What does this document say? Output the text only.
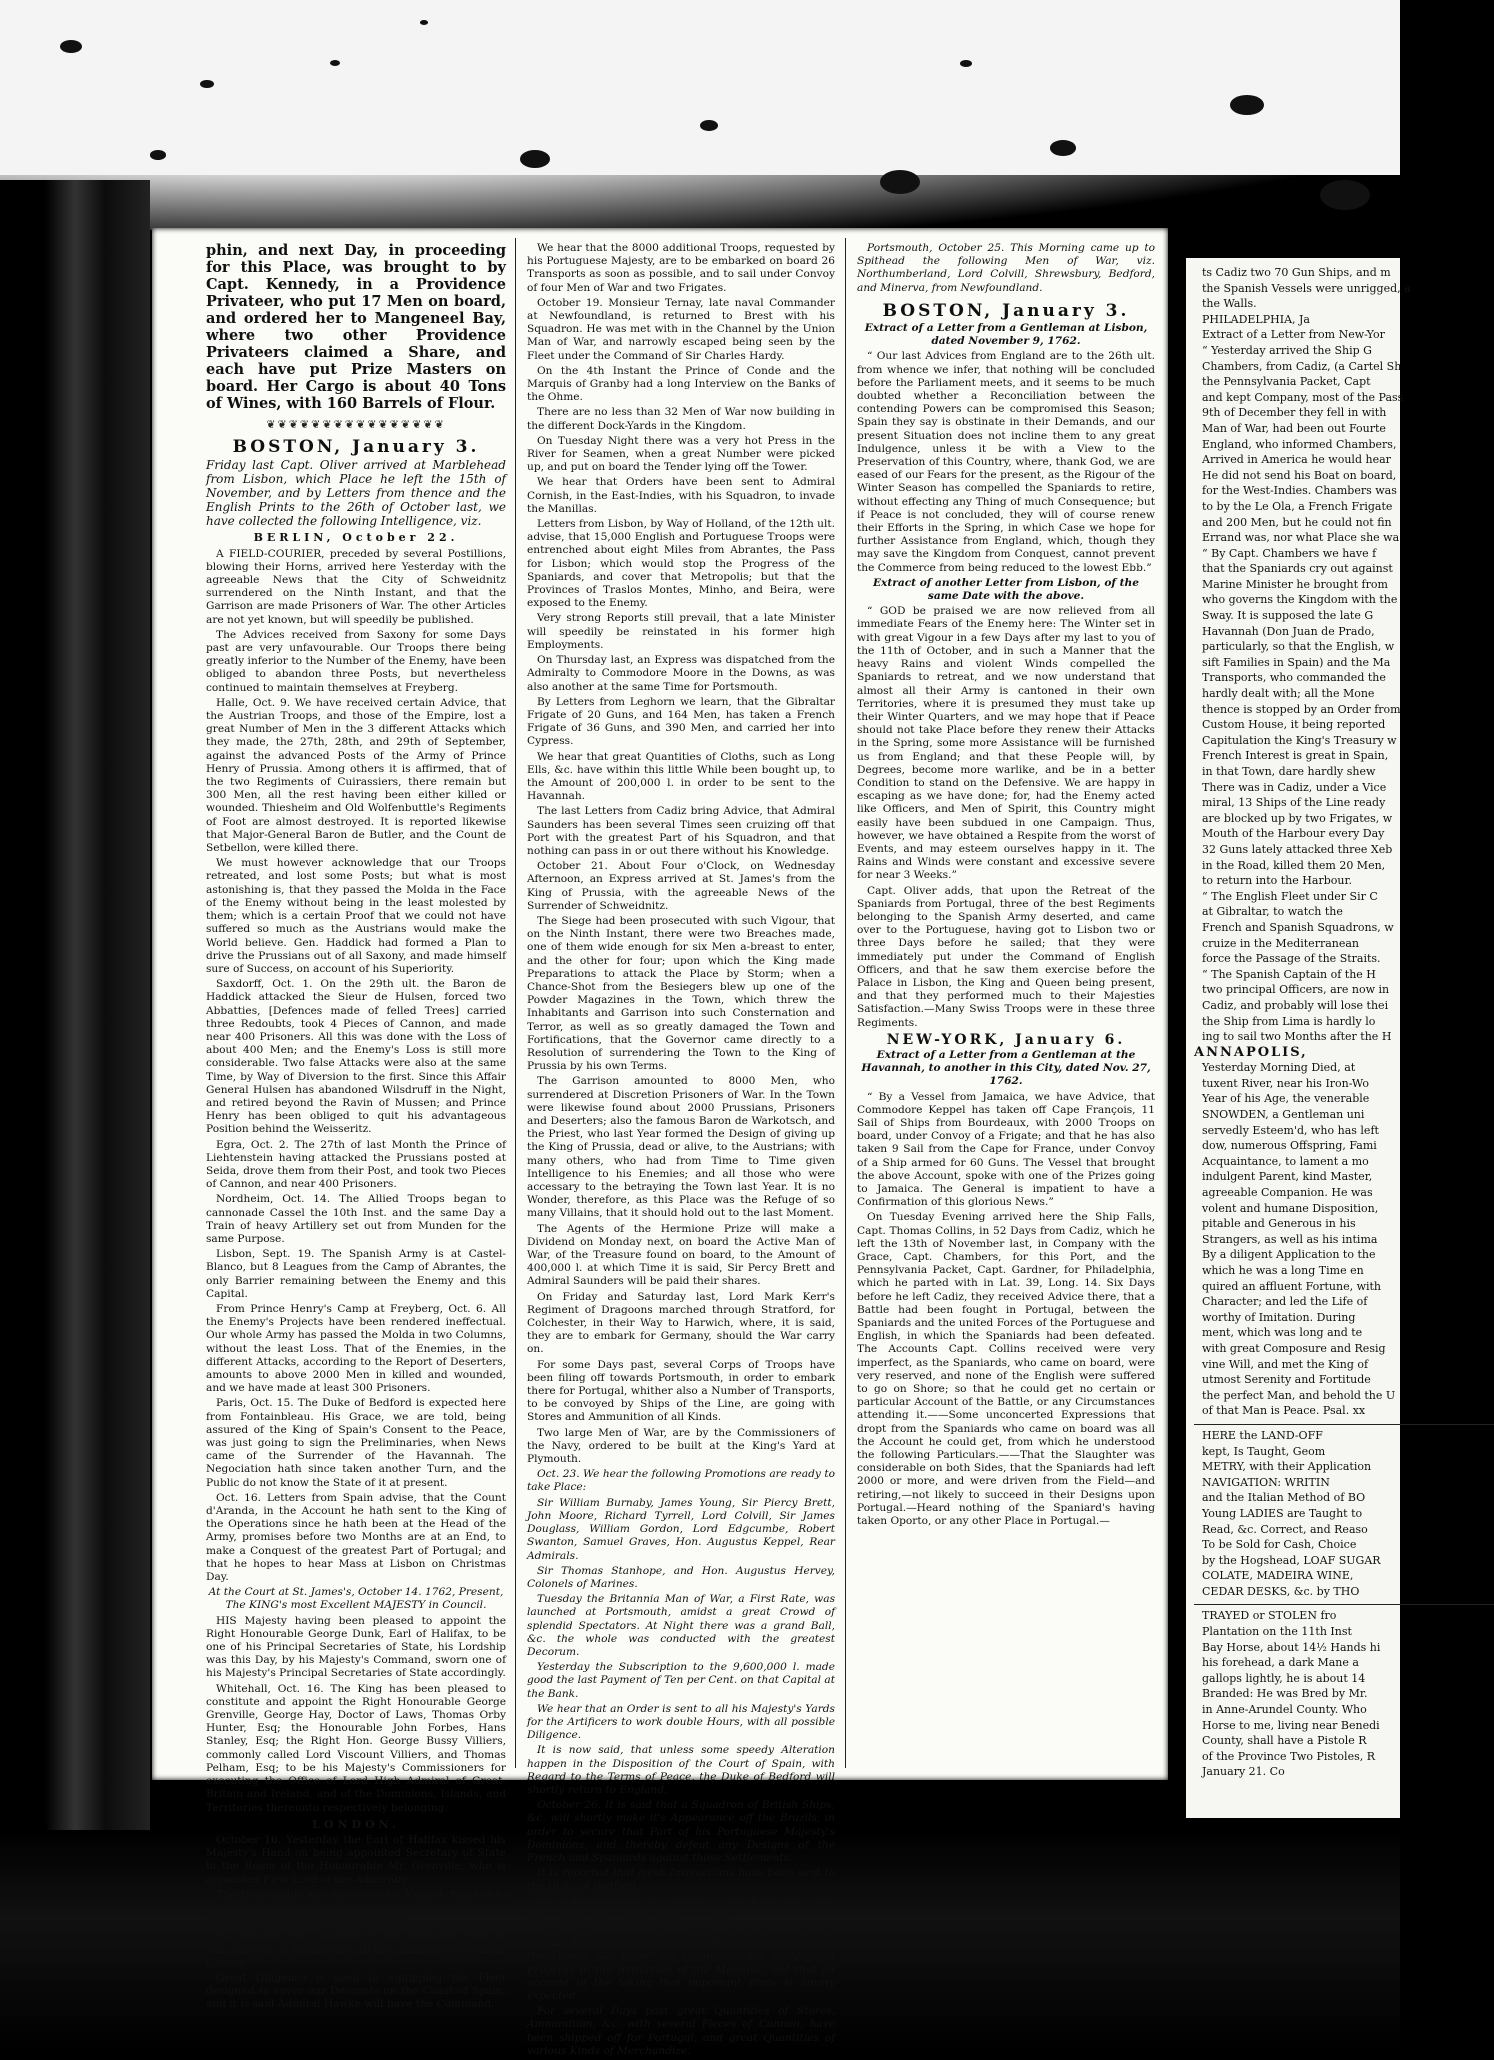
phin, and next Day, in proceeding for this Place, was brought to by Capt. Kennedy, in a Providence Privateer, who put 17 Men on board, and ordered her to Mangeneel Bay, where two other Providence Privateers claimed a Share, and each have put Prize Masters on board. Her Cargo is about 40 Tons of Wines, with 160 Barrels of Flour.

❦❦❦❦❦❦❦❦❦❦❦❦❦❦❦❦
BOSTON, January 3.

Friday last Capt. Oliver arrived at Marblehead from Lisbon, which Place he left the 15th of November, and by Letters from thence and the English Prints to the 26th of October last, we have collected the following Intelligence, viz.

BERLIN, October 22.

A FIELD-COURIER, preceded by several Postillions, blowing their Horns, arrived here Yesterday with the agreeable News that the City of Schweidnitz surrendered on the Ninth Instant, and that the Garrison are made Prisoners of War. The other Articles are not yet known, but will speedily be published.

The Advices received from Saxony for some Days past are very unfavourable. Our Troops there being greatly inferior to the Number of the Enemy, have been obliged to abandon three Posts, but nevertheless continued to maintain themselves at Freyberg.

Halle, Oct. 9. We have received certain Advice, that the Austrian Troops, and those of the Empire, lost a great Number of Men in the 3 different Attacks which they made, the 27th, 28th, and 29th of September, against the advanced Posts of the Army of Prince Henry of Prussia. Among others it is affirmed, that of the two Regiments of Cuirassiers, there remain but 300 Men, all the rest having been either killed or wounded. Thiesheim and Old Wolfenbuttle's Regiments of Foot are almost destroyed. It is reported likewise that Major-General Baron de Butler, and the Count de Setbellon, were killed there.

We must however acknowledge that our Troops retreated, and lost some Posts; but what is most astonishing is, that they passed the Molda in the Face of the Enemy without being in the least molested by them; which is a certain Proof that we could not have suffered so much as the Austrians would make the World believe. Gen. Haddick had formed a Plan to drive the Prussians out of all Saxony, and made himself sure of Success, on account of his Superiority.

Saxdorff, Oct. 1. On the 29th ult. the Baron de Haddick attacked the Sieur de Hulsen, forced two Abbatties, [Defences made of felled Trees] carried three Redoubts, took 4 Pieces of Cannon, and made near 400 Prisoners. All this was done with the Loss of about 400 Men; and the Enemy's Loss is still more considerable. Two false Attacks were also at the same Time, by Way of Diversion to the first. Since this Affair General Hulsen has abandoned Wilsdruff in the Night, and retired beyond the Ravin of Mussen; and Prince Henry has been obliged to quit his advantageous Position behind the Weisseritz.

Egra, Oct. 2. The 27th of last Month the Prince of Liehtenstein having attacked the Prussians posted at Seida, drove them from their Post, and took two Pieces of Cannon, and near 400 Prisoners.

Nordheim, Oct. 14. The Allied Troops began to cannonade Cassel the 10th Inst. and the same Day a Train of heavy Artillery set out from Munden for the same Purpose.

Lisbon, Sept. 19. The Spanish Army is at Castel-Blanco, but 8 Leagues from the Camp of Abrantes, the only Barrier remaining between the Enemy and this Capital.

From Prince Henry's Camp at Freyberg, Oct. 6. All the Enemy's Projects have been rendered ineffectual. Our whole Army has passed the Molda in two Columns, without the least Loss. That of the Enemies, in the different Attacks, according to the Report of Deserters, amounts to above 2000 Men in killed and wounded, and we have made at least 300 Prisoners.

Paris, Oct. 15. The Duke of Bedford is expected here from Fontainbleau. His Grace, we are told, being assured of the King of Spain's Consent to the Peace, was just going to sign the Preliminaries, when News came of the Surrender of the Havannah. The Negociation hath since taken another Turn, and the Public do not know the State of it at present.

Oct. 16. Letters from Spain advise, that the Count d'Aranda, in the Account he hath sent to the King of the Operations since he hath been at the Head of the Army, promises before two Months are at an End, to make a Conquest of the greatest Part of Portugal; and that he hopes to hear Mass at Lisbon on Christmas Day.

At the Court at St. James's, October 14. 1762, Present, The KING's most Excellent MAJESTY in Council.

HIS Majesty having been pleased to appoint the Right Honourable George Dunk, Earl of Halifax, to be one of his Principal Secretaries of State, his Lordship was this Day, by his Majesty's Command, sworn one of his Majesty's Principal Secretaries of State accordingly.

Whitehall, Oct. 16. The King has been pleased to constitute and appoint the Right Honourable George Grenville, George Hay, Doctor of Laws, Thomas Orby Hunter, Esq; the Honourable John Forbes, Hans Stanley, Esq; the Right Hon. George Bussy Villiers, commonly called Lord Viscount Villiers, and Thomas Pelham, Esq; to be his Majesty's Commissioners for executing the Office of Lord High Admiral of Great-Britain and Ireland, and of the Dominions, Islands, and Territories thereunto respectively belonging.

LONDON.

October 16. Yesterday the Earl of Halifax kissed his Majesty's Hand on being appointed Secretary of State in the Room of the Honourable Mr. Grenville, who is appointed First Lord of the Admiralty.

The Honourable and Reverend Dr. Keppel, Brother to the Earl of Albemarle, has kissed the King's Hand on his being appointed Bishop of Exeter.

On Tuesday the Cambridge and Penzance Men of War, arrived at Plymouth with the Jamaica Fleet under Convoy.

Great Diligence is used in equipping the Fleet designed to cover our Descents on the Coast of Spain, and it is said Admiral Hawke will have the Command.

We hear that the 8000 additional Troops, requested by his Portuguese Majesty, are to be embarked on board 26 Transports as soon as possible, and to sail under Convoy of four Men of War and two Frigates.

October 19. Monsieur Ternay, late naval Commander at Newfoundland, is returned to Brest with his Squadron. He was met with in the Channel by the Union Man of War, and narrowly escaped being seen by the Fleet under the Command of Sir Charles Hardy.

On the 4th Instant the Prince of Conde and the Marquis of Granby had a long Interview on the Banks of the Ohme.

There are no less than 32 Men of War now building in the different Dock-Yards in the Kingdom.

On Tuesday Night there was a very hot Press in the River for Seamen, when a great Number were picked up, and put on board the Tender lying off the Tower.

We hear that Orders have been sent to Admiral Cornish, in the East-Indies, with his Squadron, to invade the Manillas.

Letters from Lisbon, by Way of Holland, of the 12th ult. advise, that 15,000 English and Portuguese Troops were entrenched about eight Miles from Abrantes, the Pass for Lisbon; which would stop the Progress of the Spaniards, and cover that Metropolis; but that the Provinces of Traslos Montes, Minho, and Beira, were exposed to the Enemy.

Very strong Reports still prevail, that a late Minister will speedily be reinstated in his former high Employments.

On Thursday last, an Express was dispatched from the Admiralty to Commodore Moore in the Downs, as was also another at the same Time for Portsmouth.

By Letters from Leghorn we learn, that the Gibraltar Frigate of 20 Guns, and 164 Men, has taken a French Frigate of 36 Guns, and 390 Men, and carried her into Cypress.

We hear that great Quantities of Cloths, such as Long Ells, &c. have within this little While been bought up, to the Amount of 200,000 l. in order to be sent to the Havannah.

The last Letters from Cadiz bring Advice, that Admiral Saunders has been several Times seen cruizing off that Port with the greatest Part of his Squadron, and that nothing can pass in or out there without his Knowledge.

October 21. About Four o'Clock, on Wednesday Afternoon, an Express arrived at St. James's from the King of Prussia, with the agreeable News of the Surrender of Schweidnitz.

The Siege had been prosecuted with such Vigour, that on the Ninth Instant, there were two Breaches made, one of them wide enough for six Men a-breast to enter, and the other for four; upon which the King made Preparations to attack the Place by Storm; when a Chance-Shot from the Besiegers blew up one of the Powder Magazines in the Town, which threw the Inhabitants and Garrison into such Consternation and Terror, as well as so greatly damaged the Town and Fortifications, that the Governor came directly to a Resolution of surrendering the Town to the King of Prussia by his own Terms.

The Garrison amounted to 8000 Men, who surrendered at Discretion Prisoners of War. In the Town were likewise found about 2000 Prussians, Prisoners and Deserters; also the famous Baron de Warkotsch, and the Priest, who last Year formed the Design of giving up the King of Prussia, dead or alive, to the Austrians; with many others, who had from Time to Time given Intelligence to his Enemies; and all those who were accessary to the betraying the Town last Year. It is no Wonder, therefore, as this Place was the Refuge of so many Villains, that it should hold out to the last Moment.

The Agents of the Hermione Prize will make a Dividend on Monday next, on board the Active Man of War, of the Treasure found on board, to the Amount of 400,000 l. at which Time it is said, Sir Percy Brett and Admiral Saunders will be paid their shares.

On Friday and Saturday last, Lord Mark Kerr's Regiment of Dragoons marched through Stratford, for Colchester, in their Way to Harwich, where, it is said, they are to embark for Germany, should the War carry on.

For some Days past, several Corps of Troops have been filing off towards Portsmouth, in order to embark there for Portugal, whither also a Number of Transports, to be convoyed by Ships of the Line, are going with Stores and Ammunition of all Kinds.

Two large Men of War, are by the Commissioners of the Navy, ordered to be built at the King's Yard at Plymouth.

Oct. 23. We hear the following Promotions are ready to take Place:

Sir William Burnaby, James Young, Sir Piercy Brett, John Moore, Richard Tyrrell, Lord Colvill, Sir James Douglass, William Gordon, Lord Edgcumbe, Robert Swanton, Samuel Graves, Hon. Augustus Keppel, Rear Admirals.

Sir Thomas Stanhope, and Hon. Augustus Hervey, Colonels of Marines.

Tuesday the Britannia Man of War, a First Rate, was launched at Portsmouth, amidst a great Crowd of splendid Spectators. At Night there was a grand Ball, &c. the whole was conducted with the greatest Decorum.

Yesterday the Subscription to the 9,600,000 l. made good the last Payment of Ten per Cent. on that Capital at the Bank.

We hear that an Order is sent to all his Majesty's Yards for the Artificers to work double Hours, with all possible Diligence.

It is now said, that unless some speedy Alteration happen in the Disposition of the Court of Spain, with Regard to the Terms of Peace, the Duke of Bedford will shortly return to England.

October 26. It is said that a Squadron of British Ships, &c. will shortly make it's Appearance off the Brazils, in order to secure that Part of his Portuguese Majesty's Dominions, and thereby defeat any Designs of the French and Spaniards against those Settlements.

It is reported that fresh Instructions have been sent to the Duke of Bedford.

Great Preparations are making at the Tower for some other Expedition against our Enemies.

Yesterday and this Day it was currently reported, that certain Advice is received here, That Col. Draper, with the Troops, &c. under his Command, has made great Progress in the Reduction of the Manillas, and that on account of the taking that important Place is hourly expected.

For several Days past great Quantities of Stores, Ammunition, &c. with several Pieces of Cannon, have been shipped off for Portugal, and great Quantities of various Kinds of Merchandize.

Portsmouth, October 25. This Morning came up to Spithead the following Men of War, viz. Northumberland, Lord Colvill, Shrewsbury, Bedford, and Minerva, from Newfoundland.

BOSTON, January 3.

Extract of a Letter from a Gentleman at Lisbon, dated November 9, 1762.

“ Our last Advices from England are to the 26th ult. from whence we infer, that nothing will be concluded before the Parliament meets, and it seems to be much doubted whether a Reconciliation between the contending Powers can be compromised this Season; Spain they say is obstinate in their Demands, and our present Situation does not incline them to any great Indulgence, unless it be with a View to the Preservation of this Country, where, thank God, we are eased of our Fears for the present, as the Rigour of the Winter Season has compelled the Spaniards to retire, without effecting any Thing of much Consequence; but if Peace is not concluded, they will of course renew their Efforts in the Spring, in which Case we hope for further Assistance from England, which, though they may save the Kingdom from Conquest, cannot prevent the Commerce from being reduced to the lowest Ebb.”

Extract of another Letter from Lisbon, of the same Date with the above.

“ GOD be praised we are now relieved from all immediate Fears of the Enemy here: The Winter set in with great Vigour in a few Days after my last to you of the 11th of October, and in such a Manner that the heavy Rains and violent Winds compelled the Spaniards to retreat, and we now understand that almost all their Army is cantoned in their own Territories, where it is presumed they must take up their Winter Quarters, and we may hope that if Peace should not take Place before they renew their Attacks in the Spring, some more Assistance will be furnished us from England; and that these People will, by Degrees, become more warlike, and be in a better Condition to stand on the Defensive. We are happy in escaping as we have done; for, had the Enemy acted like Officers, and Men of Spirit, this Country might easily have been subdued in one Campaign. Thus, however, we have obtained a Respite from the worst of Events, and may esteem ourselves happy in it. The Rains and Winds were constant and excessive severe for near 3 Weeks.”

Capt. Oliver adds, that upon the Retreat of the Spaniards from Portugal, three of the best Regiments belonging to the Spanish Army deserted, and came over to the Portuguese, having got to Lisbon two or three Days before he sailed; that they were immediately put under the Command of English Officers, and that he saw them exercise before the Palace in Lisbon, the King and Queen being present, and that they performed much to their Majesties Satisfaction.—Many Swiss Troops were in these three Regiments.

NEW-YORK, January 6.

Extract of a Letter from a Gentleman at the Havannah, to another in this City, dated Nov. 27, 1762.

“ By a Vessel from Jamaica, we have Advice, that Commodore Keppel has taken off Cape François, 11 Sail of Ships from Bourdeaux, with 2000 Troops on board, under Convoy of a Frigate; and that he has also taken 9 Sail from the Cape for France, under Convoy of a Ship armed for 60 Guns. The Vessel that brought the above Account, spoke with one of the Prizes going to Jamaica. The General is impatient to have a Confirmation of this glorious News.”

On Tuesday Evening arrived here the Ship Falls, Capt. Thomas Collins, in 52 Days from Cadiz, which he left the 13th of November last, in Company with the Grace, Capt. Chambers, for this Port, and the Pennsylvania Packet, Capt. Gardner, for Philadelphia, which he parted with in Lat. 39, Long. 14. Six Days before he left Cadiz, they received Advice there, that a Battle had been fought in Portugal, between the Spaniards and the united Forces of the Portuguese and English, in which the Spaniards had been defeated. The Accounts Capt. Collins received were very imperfect, as the Spaniards, who came on board, were very reserved, and none of the English were suffered to go on Shore; so that he could get no certain or particular Account of the Battle, or any Circumstances attending it.——Some unconcerted Expressions that dropt from the Spaniards who came on board was all the Account he could get, from which he understood the following Particulars.——That the Slaughter was considerable on both Sides, that the Spaniards had left 2000 or more, and were driven from the Field—and retiring,—not likely to succeed in their Designs upon Portugal.—Heard nothing of the Spaniard's having taken Oporto, or any other Place in Portugal.—

ts Cadiz two 70 Gun Ships, and m

the Spanish Vessels were unrigged, a

the Walls.

PHILADELPHIA, Ja

Extract of a Letter from New-Yor

“ Yesterday arrived the Ship G

Chambers, from Cadiz, (a Cartel Sh

the Pennsylvania Packet, Capt

and kept Company, most of the Pass

9th of December they fell in with

Man of War, had been out Fourte

England, who informed Chambers,

Arrived in America he would hear

He did not send his Boat on board,

for the West-Indies. Chambers was

to by the Le Ola, a French Frigate

and 200 Men, but he could not fin

Errand was, nor what Place she wa

“ By Capt. Chambers we have f

that the Spaniards cry out against

Marine Minister he brought from

who governs the Kingdom with the

Sway. It is supposed the late G

Havannah (Don Juan de Prado,

particularly, so that the English, w

sift Families in Spain) and the Ma

Transports, who commanded the

hardly dealt with; all the Mone

thence is stopped by an Order from

Custom House, it being reported

Capitulation the King's Treasury w

French Interest is great in Spain,

in that Town, dare hardly shew

There was in Cadiz, under a Vice

miral, 13 Ships of the Line ready

are blocked up by two Frigates, w

Mouth of the Harbour every Day

32 Guns lately attacked three Xeb

in the Road, killed them 20 Men,

to return into the Harbour.

“ The English Fleet under Sir C

at Gibraltar, to watch the

French and Spanish Squadrons, w

cruize in the Mediterranean

force the Passage of the Straits.

“ The Spanish Captain of the H

two principal Officers, are now in

Cadiz, and probably will lose thei

the Ship from Lima is hardly lo

ing to sail two Months after the H

ANNAPOLIS,

Yesterday Morning Died, at

tuxent River, near his Iron-Wo

Year of his Age, the venerable

SNOWDEN, a Gentleman uni

servedly Esteem'd, who has left

dow, numerous Offspring, Fami

Acquaintance, to lament a mo

indulgent Parent, kind Master,

agreeable Companion. He was

volent and humane Disposition,

pitable and Generous in his

Strangers, as well as his intima

By a diligent Application to the

which he was a long Time en

quired an affluent Fortune, with

Character; and led the Life of

worthy of Imitation. During

ment, which was long and te

with great Composure and Resig

vine Will, and met the King of

utmost Serenity and Fortitude

the perfect Man, and behold the U

of that Man is Peace. Psal. xx

HERE the LAND-OFF

kept, Is Taught, Geom

METRY, with their Application

NAVIGATION: WRITIN

and the Italian Method of BO

Young LADIES are Taught to

Read, &c. Correct, and Reaso

To be Sold for Cash, Choice

by the Hogshead, LOAF SUGAR

COLATE, MADEIRA WINE,

CEDAR DESKS, &c. by THO

TRAYED or STOLEN fro

Plantation on the 11th Inst

Bay Horse, about 14½ Hands hi

his forehead, a dark Mane a

gallops lightly, he is about 14

Branded: He was Bred by Mr.

in Anne-Arundel County. Who

Horse to me, living near Benedi

County, shall have a Pistole R

of the Province Two Pistoles, R

January 21. Co
